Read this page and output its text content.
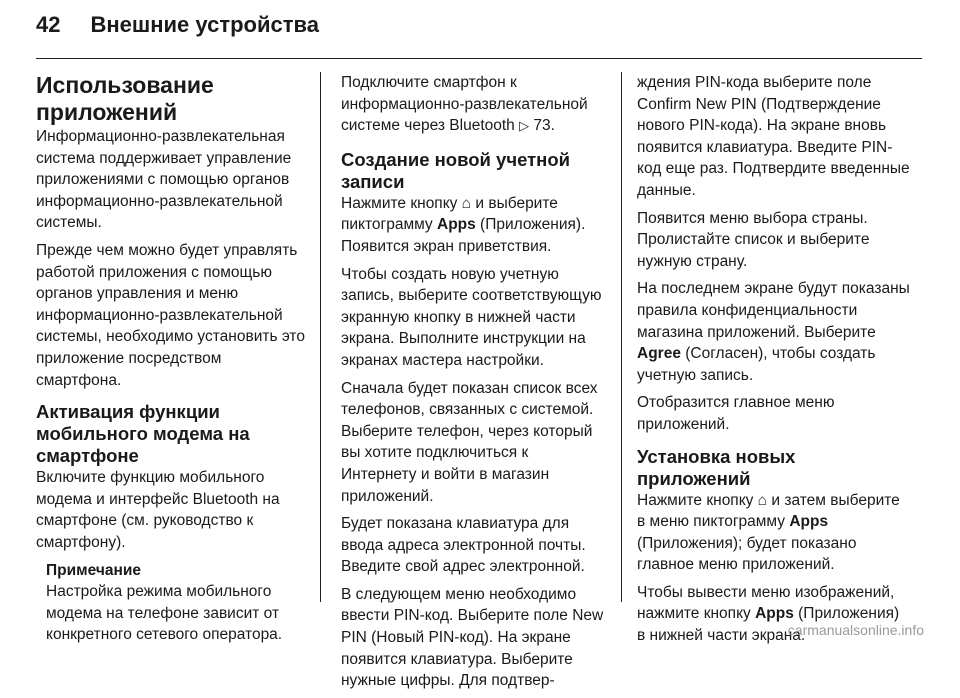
42 Внешние устройства
Использование приложений

Информационно-развлекательная система поддерживает управление приложениями с помощью органов информационно-развлекательной системы.

Прежде чем можно будет управлять работой приложения с помощью органов управления и меню информационно-развлекательной системы, необходимо установить это приложение посредством смартфона.

Активация функции мобильного модема на смартфоне

Включите функцию мобильного модема и интерфейс Bluetooth на смартфоне (см. руководство к смартфону).

Примечание

Настройка режима мобильного модема на телефоне зависит от конкретного сетевого оператора.

Подключите смартфон к информационно-развлекательной системе через Bluetooth ▷ 73.

Создание новой учетной записи

Нажмите кнопку ⌂ и выберите пиктограмму Apps (Приложения). Появится экран приветствия.

Чтобы создать новую учетную запись, выберите соответствующую экранную кнопку в нижней части экрана. Выполните инструкции на экранах мастера настройки.

Сначала будет показан список всех телефонов, связанных с системой. Выберите телефон, через который вы хотите подключиться к Интернету и войти в магазин приложений.

Будет показана клавиатура для ввода адреса электронной почты. Введите свой адрес электронной.

В следующем меню необходимо ввести PIN-код. Выберите поле New PIN (Новый PIN-код). На экране появится клавиатура. Выберите нужные цифры. Для подтвер-

ждения PIN-кода выберите поле Confirm New PIN (Подтверждение нового PIN-кода). На экране вновь появится клавиатура. Введите PIN-код еще раз. Подтвердите введенные данные.

Появится меню выбора страны. Пролистайте список и выберите нужную страну.

На последнем экране будут показаны правила конфиденциальности магазина приложений. Выберите Agree (Согласен), чтобы создать учетную запись.

Отобразится главное меню приложений.

Установка новых приложений

Нажмите кнопку ⌂ и затем выберите в меню пиктограмму Apps (Приложения); будет показано главное меню приложений.

Чтобы вывести меню изображений, нажмите кнопку Apps (Приложения) в нижней части экрана.

carmanualsonline.info
